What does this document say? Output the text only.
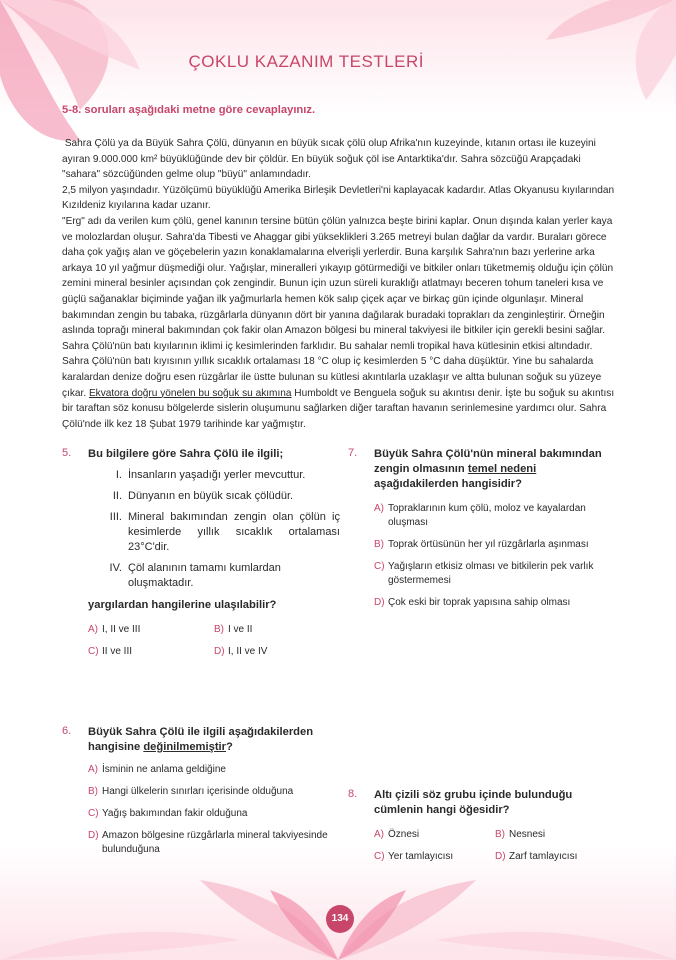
ÇOKLU KAZANIM TESTLERİ
5-8. soruları aşağıdaki metne göre cevaplayınız.

Sahra Çölü ya da Büyük Sahra Çölü, dünyanın en büyük sıcak çölü olup Afrika'nın kuzeyinde, kıtanın ortası ile kuzeyini ayıran 9.000.000 km² büyüklüğünde dev bir çöldür. En büyük soğuk çöl ise Antarktika'dır. Sahra sözcüğü Arapçadaki "sahara" sözcüğünden gelme olup "büyü" anlamındadır.

2,5 milyon yaşındadır. Yüzölçümü büyüklüğü Amerika Birleşik Devletleri'ni kaplayacak kadardır. Atlas Okyanusu kıyılarından Kızıldeniz kıyılarına kadar uzanır.

"Erg" adı da verilen kum çölü, genel kanının tersine bütün çölün yalnızca beşte birini kaplar. Onun dışında kalan yerler kaya ve molozlardan oluşur. Sahra'da Tibesti ve Ahaggar gibi yükseklikleri 3.265 metreyi bulan dağlar da vardır. Buraları görece daha çok yağış alan ve göçebelerin yazın konaklamalarına elverişli yerlerdir. Buna karşılık Sahra'nın bazı yerlerine arka arkaya 10 yıl yağmur düşmediği olur. Yağışlar, mineralleri yıkayıp götürmediği ve bitkiler onları tüketmemiş olduğu için çölün zemini mineral besinler açısından çok zengindir. Bunun için uzun süreli kuraklığı atlatmayı beceren tohum taneleri kısa ve güçlü sağanaklar biçiminde yağan ilk yağmurlarla hemen kök salıp çiçek açar ve birkaç gün içinde olgunlaşır. Mineral bakımından zengin bu tabaka, rüzgârlarla dünyanın dört bir yanına dağılarak buradaki toprakları da zenginleştirir. Örneğin aslında toprağı mineral bakımından çok fakir olan Amazon bölgesi bu mineral takviyesi ile bitkiler için gerekli besini sağlar. Sahra Çölü'nün batı kıyılarının iklimi iç kesimlerinden farklıdır. Bu sahalar nemli tropikal hava kütlesinin etkisi altındadır. Sahra Çölü'nün batı kıyısının yıllık sıcaklık ortalaması 18 °C olup iç kesimlerden 5 °C daha düşüktür. Yine bu sahalarda karalardan denize doğru esen rüzgârlar ile üstte bulunan su kütlesi akıntılarla uzaklaşır ve altta bulunan soğuk su yüzeye çıkar. Ekvatora doğru yönelen bu soğuk su akımına Humboldt ve Benguela soğuk su akıntısı denir. İşte bu soğuk su akıntısı bir taraftan söz konusu bölgelerde sislerin oluşumunu sağlarken diğer taraftan havanın serinlemesine yardımcı olur. Sahra Çölü'nde ilk kez 18 Şubat 1979 tarihinde kar yağmıştır.

5. Bu bilgilere göre Sahra Çölü ile ilgili;
I. İnsanların yaşadığı yerler mevcuttur.
II. Dünyanın en büyük sıcak çölüdür.
III. Mineral bakımından zengin olan çölün iç kesimlerde yıllık sıcaklık ortalaması 23°C'dir.
IV. Çöl alanının tamamı kumlardan oluşmaktadır.
yargılardan hangilerine ulaşılabilir?
A) I, II ve III	B) I ve II
C) II ve III	D) I, II ve IV
7. Büyük Sahra Çölü'nün mineral bakımından zengin olmasının temel nedeni aşağıdakilerden hangisidir?
A) Topraklarının kum çölü, moloz ve kayalardan oluşması
B) Toprak örtüsünün her yıl rüzgârlarla aşınması
C) Yağışların etkisiz olması ve bitkilerin pek varlık göstermemesi
D) Çok eski bir toprak yapısına sahip olması
6. Büyük Sahra Çölü ile ilgili aşağıdakilerden hangisine değinilmemiştir?
A) İsminin ne anlama geldiğine
B) Hangi ülkelerin sınırları içerisinde olduğuna
C) Yağış bakımından fakir olduğuna
D) Amazon bölgesine rüzgârlarla mineral takviyesinde bulunduğuna
8. Altı çizili söz grubu içinde bulunduğu cümlenin hangi öğesidir?
A) Öznesi	B) Nesnesi
C) Yer tamlayıcısı	D) Zarf tamlayıcısı
134
